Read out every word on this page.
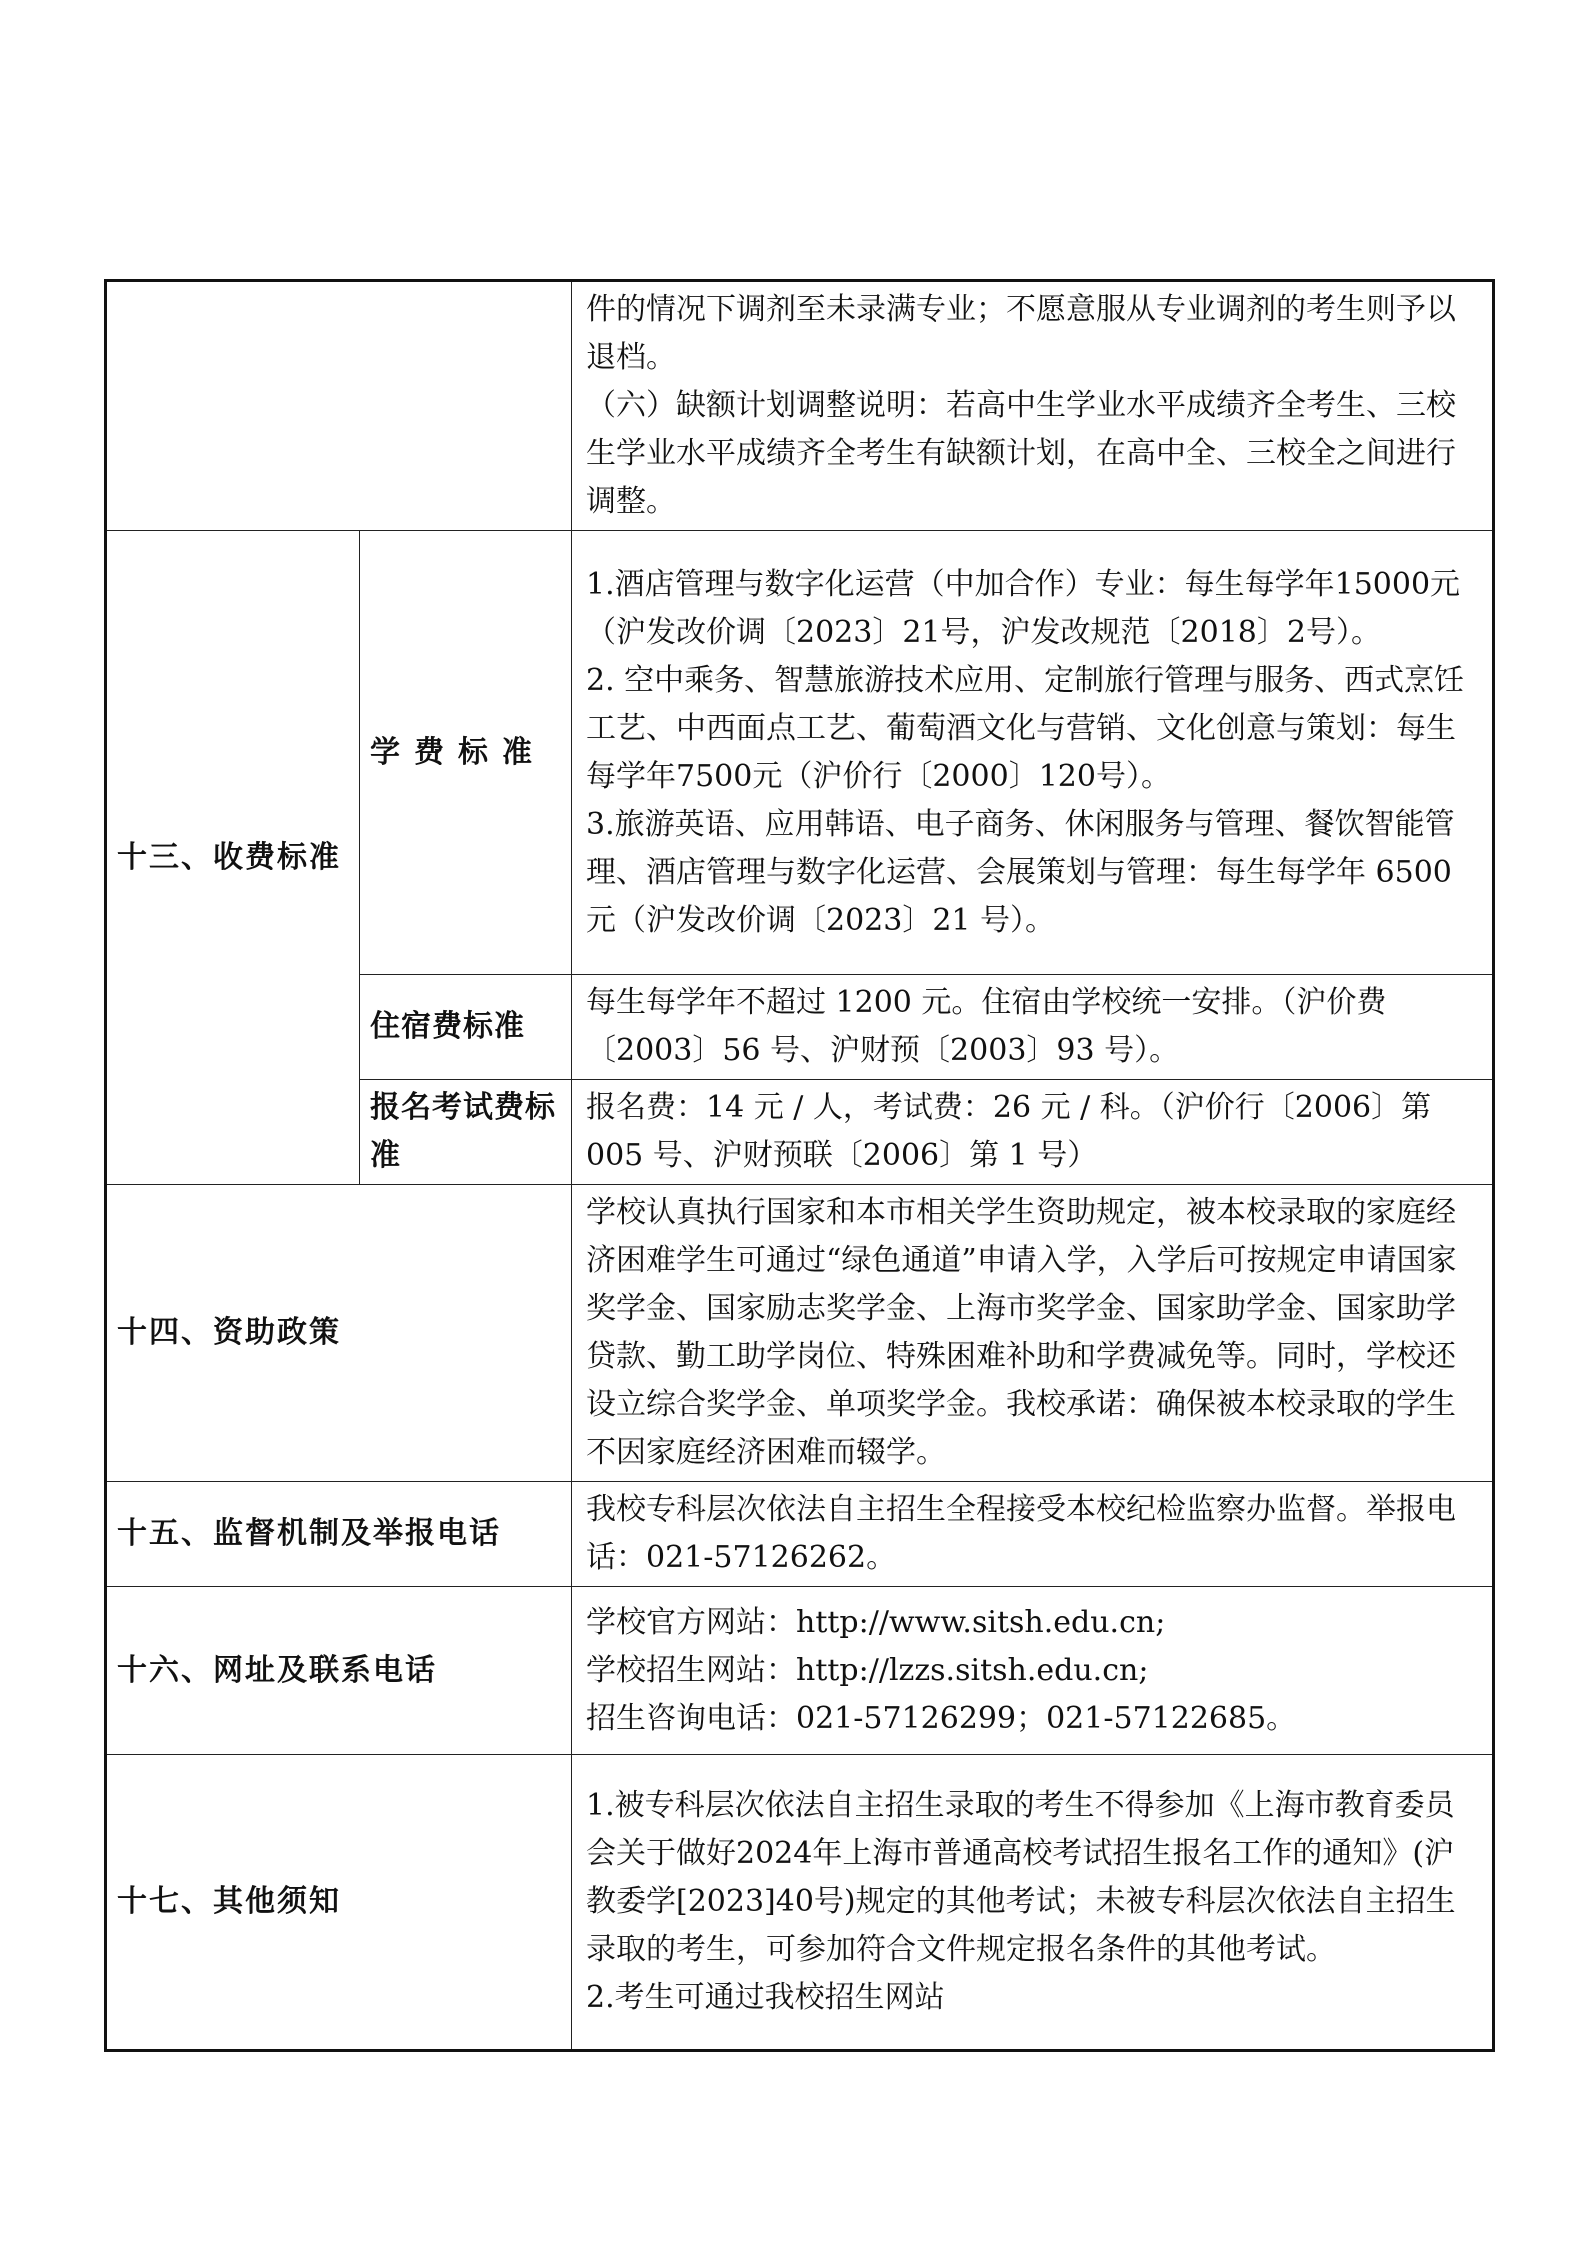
		件的情况下调剂至未录满专业；不愿意服从专业调剂的考生则予以退档。
（六）缺额计划调整说明：若高中生学业水平成绩齐全考生、三校生学业水平成绩齐全考生有缺额计划，在高中全、三校全之间进行调整。

十三、收费标准	学费标准	1.酒店管理与数字化运营（中加合作）专业：每生每学年15000元（沪发改价调〔2023〕21号，沪发改规范〔2018〕2号）。
2. 空中乘务、智慧旅游技术应用、定制旅行管理与服务、西式烹饪工艺、中西面点工艺、葡萄酒文化与营销、文化创意与策划：每生每学年7500元（沪价行〔2000〕120号）。
3.旅游英语、应用韩语、电子商务、休闲服务与管理、餐饮智能管理、酒店管理与数字化运营、会展策划与管理：每生每学年 6500 元（沪发改价调〔2023〕21 号）。

	住宿费标准	每生每学年不超过 1200 元。住宿由学校统一安排。（沪价费〔2003〕56 号、沪财预〔2003〕93 号）。
	报名考试费标准	报名费：14 元 / 人，考试费：26 元 / 科。（沪价行〔2006〕第 005 号、沪财预联〔2006〕第 1 号）
十四、资助政策		学校认真执行国家和本市相关学生资助规定，被本校录取的家庭经济困难学生可通过“绿色通道”申请入学，入学后可按规定申请国家奖学金、国家励志奖学金、上海市奖学金、国家助学金、国家助学贷款、勤工助学岗位、特殊困难补助和学费减免等。同时，学校还设立综合奖学金、单项奖学金。我校承诺：确保被本校录取的学生不因家庭经济困难而辍学。
十五、监督机制及举报电话		我校专科层次依法自主招生全程接受本校纪检监察办监督。举报电话：021-57126262。
十六、网址及联系电话		学校官方网站：http://www.sitsh.edu.cn;
学校招生网站：http://lzzs.sitsh.edu.cn;
招生咨询电话：021-57126299；021-57122685。

十七、其他须知		1.被专科层次依法自主招生录取的考生不得参加《上海市教育委员会关于做好2024年上海市普通高校考试招生报名工作的通知》(沪教委学[2023]40号)规定的其他考试；未被专科层次依法自主招生录取的考生，可参加符合文件规定报名条件的其他考试。
2.考生可通过我校招生网站
